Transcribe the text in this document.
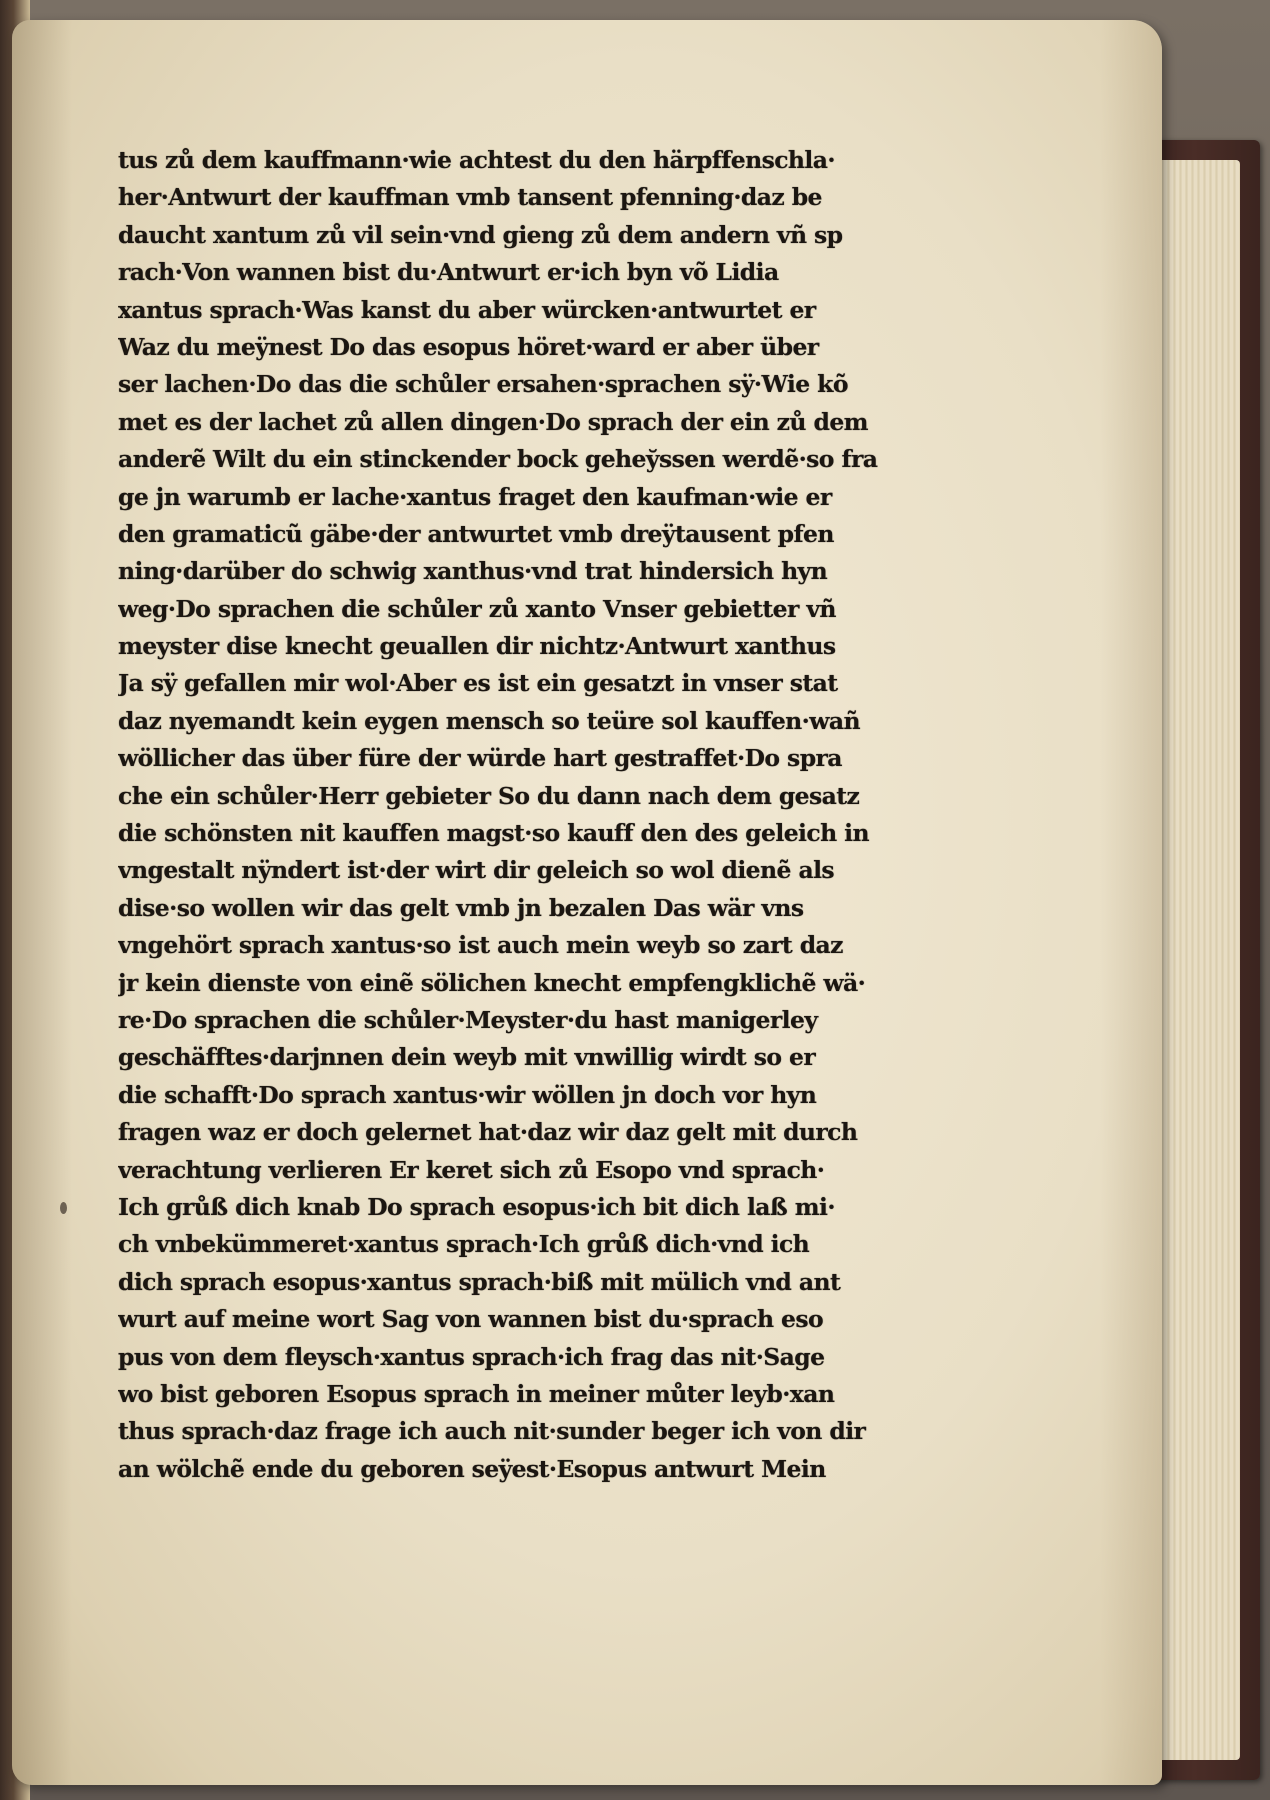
tus zů dem kauffmann·wie achtest du den härpffenschla·
her·Antwurt der kauffman vmb tansent pfenning·daz be
daucht xantum zů vil sein·vnd gieng zů dem andern vñ sp
rach·Von wannen bist du·Antwurt er·ich byn võ Lidia
xantus sprach·Was kanst du aber würcken·antwurtet er
Waz du meÿnest Do das esopus höret·ward er aber über
ser lachen·Do das die schůler ersahen·sprachen sÿ·Wie kõ
met es der lachet zů allen dingen·Do sprach der ein zů dem
anderẽ Wilt du ein stinckender bock gehey̆ssen werdẽ·so fra
ge jn warumb er lache·xantus fraget den kaufman·wie er
den gramaticũ gäbe·der antwurtet vmb dreÿtausent pfen
ning·darüber do schwig xanthus·vnd trat hindersich hyn
weg·Do sprachen die schůler zů xanto Vnser gebietter vñ
meyster dise knecht geuallen dir nichtz·Antwurt xanthus
Ja sÿ gefallen mir wol·Aber es ist ein gesatzt in vnser stat
daz nyemandt kein eygen mensch so teüre sol kauffen·wañ
wöllicher das über füre der würde hart gestraffet·Do spra
che ein schůler·Herr gebieter So du dann nach dem gesatz
die schönsten nit kauffen magst·so kauff den des geleich in
vngestalt nÿndert ist·der wirt dir geleich so wol dienẽ als
dise·so wollen wir das gelt vmb jn bezalen Das wär vns
vngehört sprach xantus·so ist auch mein weyb so zart daz
jr kein dienste von einẽ sölichen knecht empfengklichẽ wä·
re·Do sprachen die schůler·Meyster·du hast manigerley
geschäfftes·darjnnen dein weyb mit vnwillig wirdt so er
die schafft·Do sprach xantus·wir wöllen jn doch vor hyn
fragen waz er doch gelernet hat·daz wir daz gelt mit durch
verachtung verlieren Er keret sich zů Esopo vnd sprach·
Ich grůß dich knab Do sprach esopus·ich bit dich laß mi·
ch vnbekümmeret·xantus sprach·Ich grůß dich·vnd ich
dich sprach esopus·xantus sprach·biß mit mülich vnd ant
wurt auf meine wort Sag von wannen bist du·sprach eso
pus von dem fleysch·xantus sprach·ich frag das nit·Sage
wo bist geboren Esopus sprach in meiner můter leyb·xan
thus sprach·daz frage ich auch nit·sunder beger ich von dir
an wölchẽ ende du geboren seÿest·Esopus antwurt Mein
